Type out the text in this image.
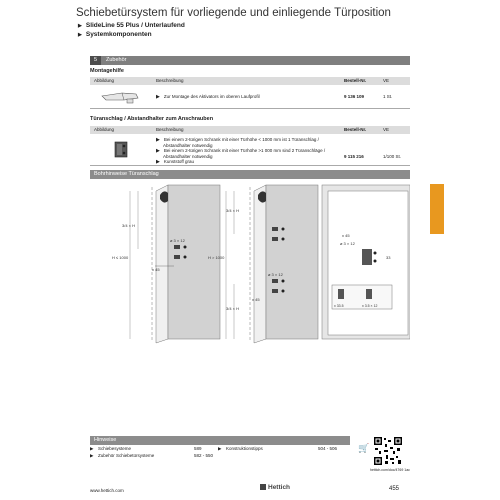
Schiebetürsystem für vorliegende und einliegende Türposition
▶ SlideLine 55 Plus / Unterlaufend
▶ Systemkomponenten
5	Zubehör
Montagehilfe
Abbildung	Beschreibung	Bestell-Nr.	VE
▶ Zur Montage des Aktivators im oberen Laufprofil	9 136 109	1 St.
Türanschlag / Abstandhalter zum Anschrauben
Abbildung	Beschreibung	Bestell-Nr.	VE
▶ Bei einem 2-türigen Schrank mit einer Türhöhe < 1000 mm ist 1 Türanschlag /
Abstandhalter notwendig
▶ Bei einem 2-türigen Schrank mit einer Türhöhe >1 000 mm sind 2 Türanschläge /
Abstandhalter notwendig
▶ Kunststoff grau
9 115 216	1/100 St.
Bohrhinweise Türanschlag
H ≤ 1000
3/4 × H
ø 3 × 12
x 45
H > 1000
3/4 × H
3/4 × H
ø 3 × 12
x 45
x 45
ø 3 × 12
33
x 33.5	x 3.5 × 12
Hinweise
▶ Schiebesysteme	589	▶ Konstruktionstipps	504 - 506
▶ Zubehör Schiebetürsysteme	582 - 550
🛒
hettich.com/doc/4769 1ac
www.hettich.com	Hettich	455
